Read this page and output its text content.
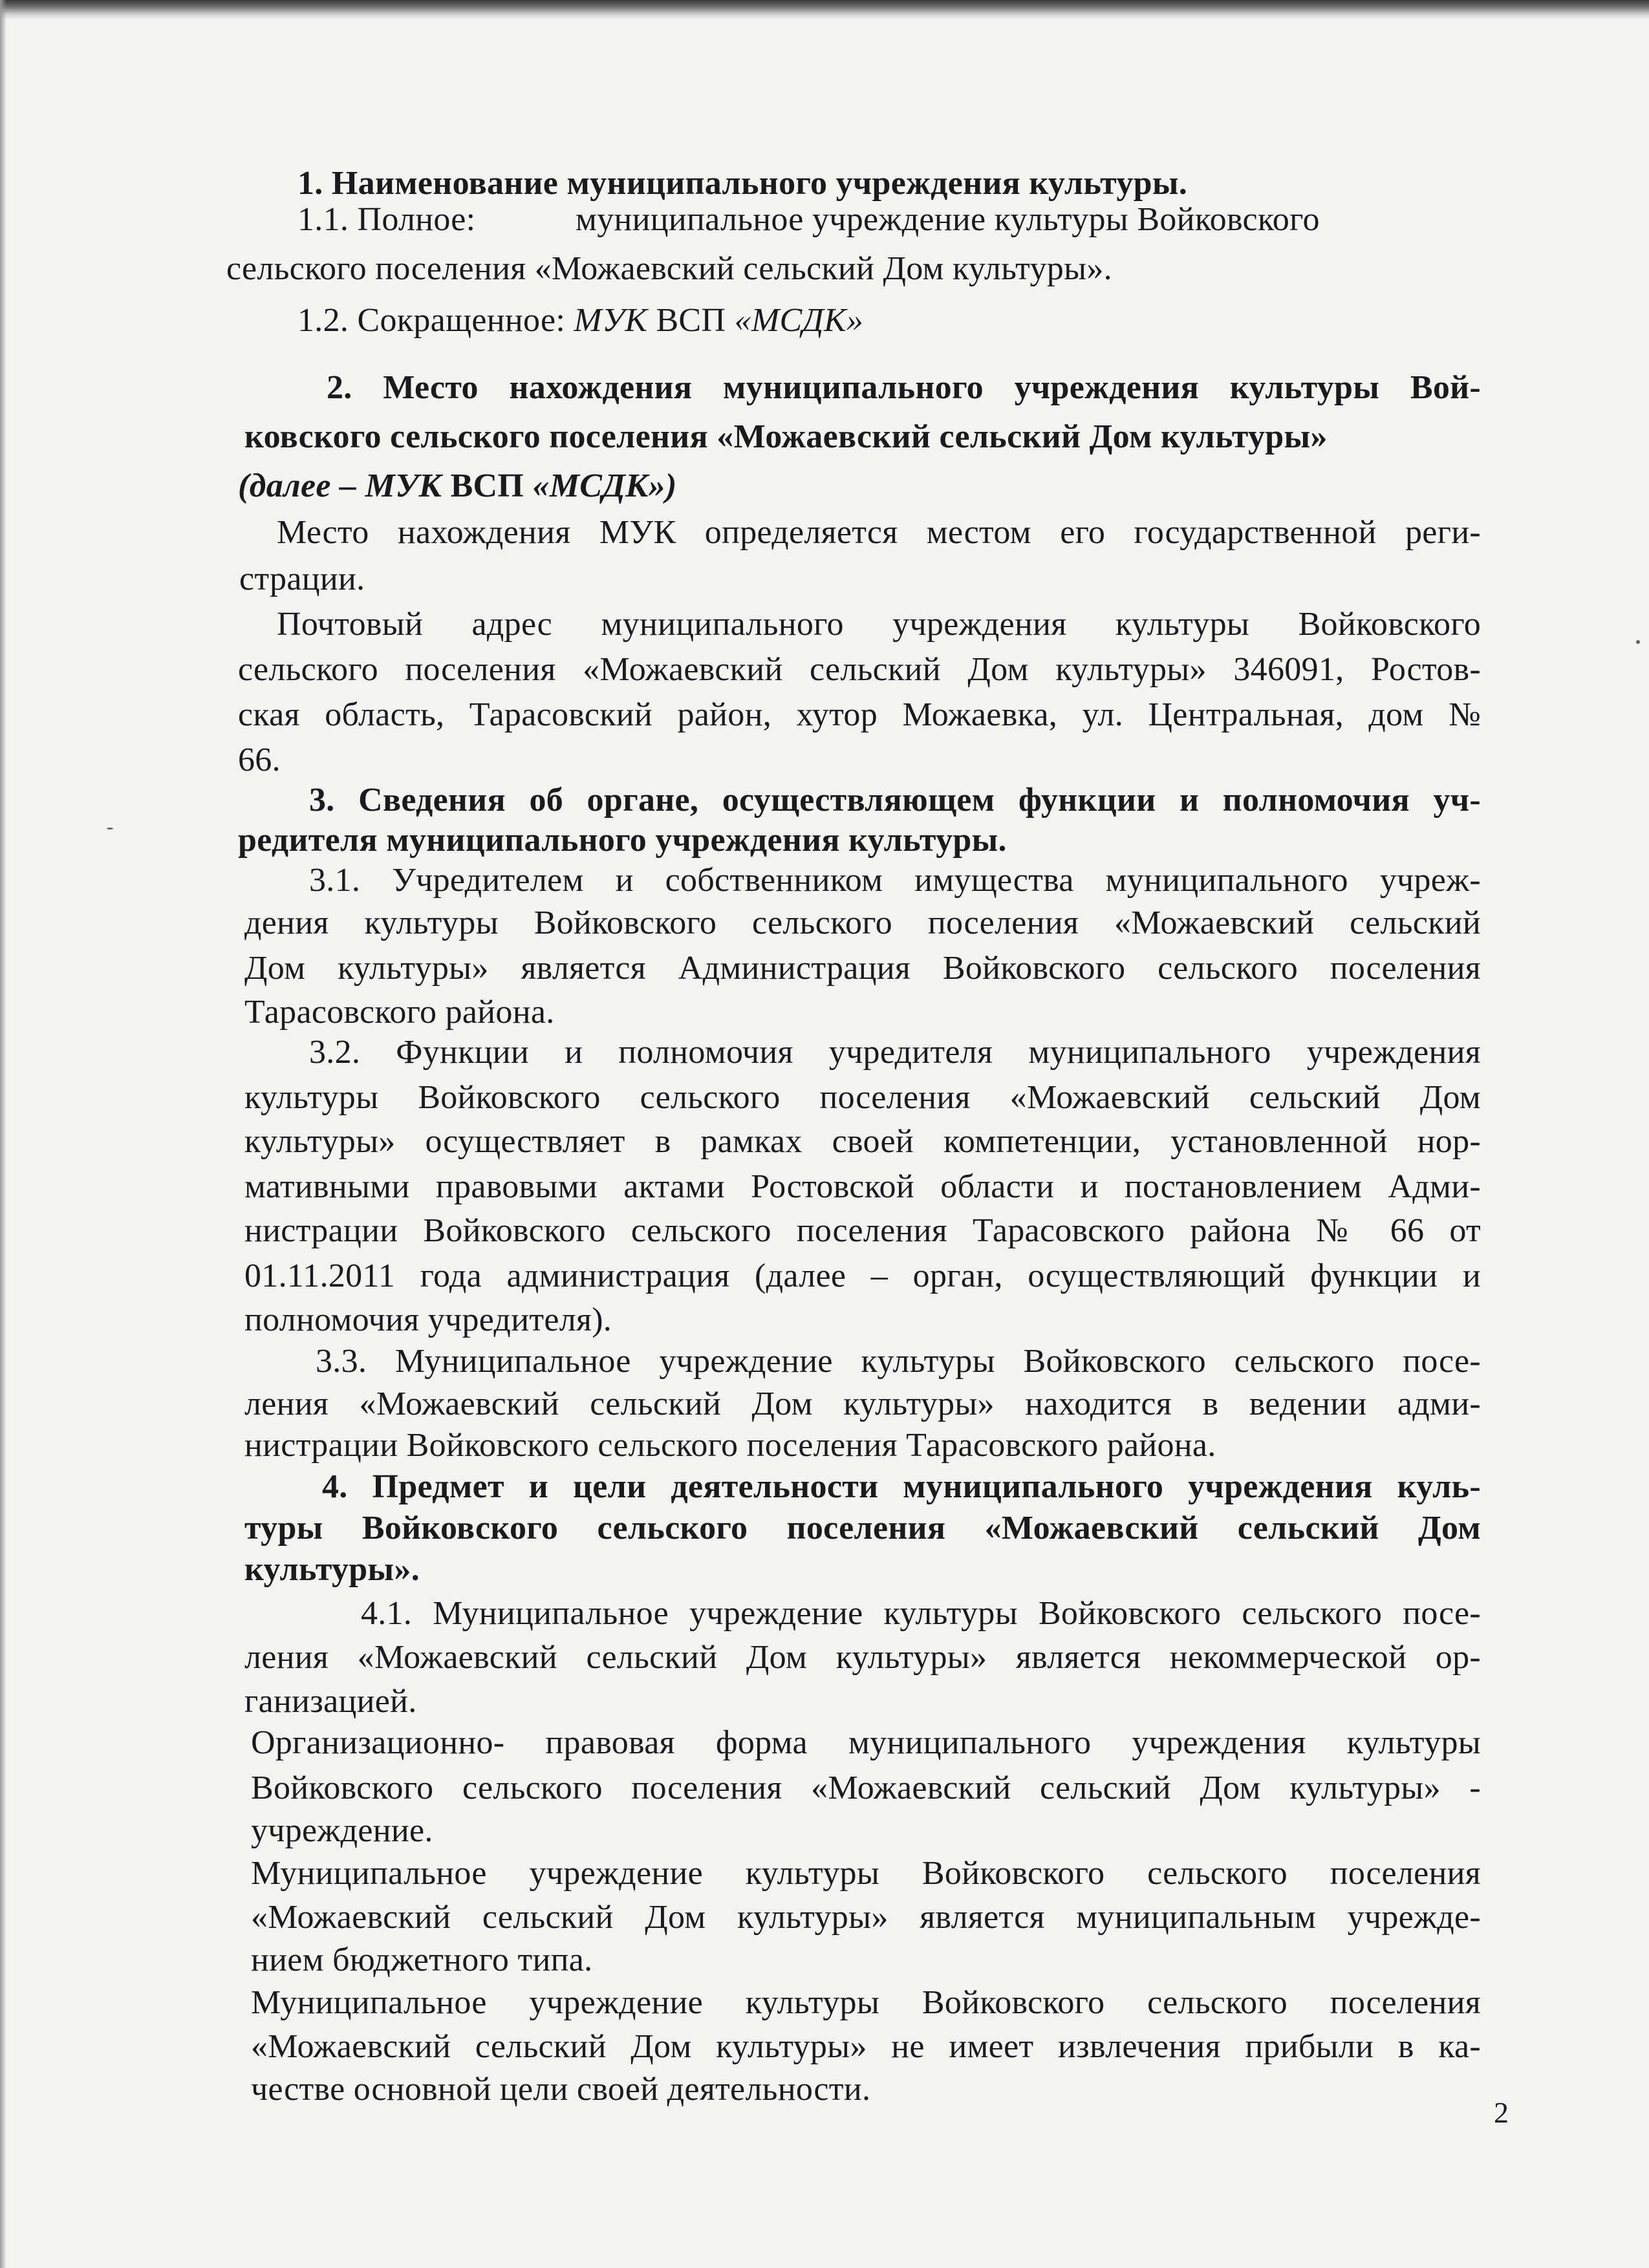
1. Наименование муниципального учреждения культуры.

1.1. Полное:	муниципальное учреждение культуры Войковского

сельского поселения «Можаевский сельский Дом культуры».

1.2. Сокращенное: МУК ВСП «МСДК»

2. Место нахождения муниципального учреждения культуры Вой-

ковского сельского поселения «Можаевский сельский Дом культуры»

(далее – МУК ВСП «МСДК»)

Место нахождения МУК определяется местом его государственной реги-

страции.

Почтовый адрес муниципального учреждения культуры Войковского

сельского поселения «Можаевский сельский Дом культуры» 346091, Ростов-

ская область, Тарасовский район, хутор Можаевка, ул. Центральная, дом №

66.

3. Сведения об органе, осуществляющем функции и полномочия уч-

редителя муниципального учреждения культуры.

3.1. Учредителем и собственником имущества муниципального учреж-

дения культуры Войковского сельского поселения «Можаевский сельский

Дом культуры» является Администрация Войковского сельского поселения

Тарасовского района.

3.2. Функции и полномочия учредителя муниципального учреждения

культуры Войковского сельского поселения «Можаевский сельский Дом

культуры» осуществляет в рамках своей компетенции, установленной нор-

мативными правовыми актами Ростовской области и постановлением Адми-

нистрации Войковского сельского поселения Тарасовского района № 66 от

01.11.2011 года администрация (далее – орган, осуществляющий функции и

полномочия учредителя).

3.3. Муниципальное учреждение культуры Войковского сельского посе-

ления «Можаевский сельский Дом культуры» находится в ведении адми-

нистрации Войковского сельского поселения Тарасовского района.

4. Предмет и цели деятельности муниципального учреждения куль-

туры Войковского сельского поселения «Можаевский сельский Дом

культуры».

4.1. Муниципальное учреждение культуры Войковского сельского посе-

ления «Можаевский сельский Дом культуры» является некоммерческой ор-

ганизацией.

Организационно- правовая форма муниципального учреждения культуры

Войковского сельского поселения «Можаевский сельский Дом культуры» -

учреждение.

Муниципальное учреждение культуры Войковского сельского поселения

«Можаевский сельский Дом культуры» является муниципальным учрежде-

нием бюджетного типа.

Муниципальное учреждение культуры Войковского сельского поселения

«Можаевский сельский Дом культуры» не имеет извлечения прибыли в ка-

честве основной цели своей деятельности.

2
